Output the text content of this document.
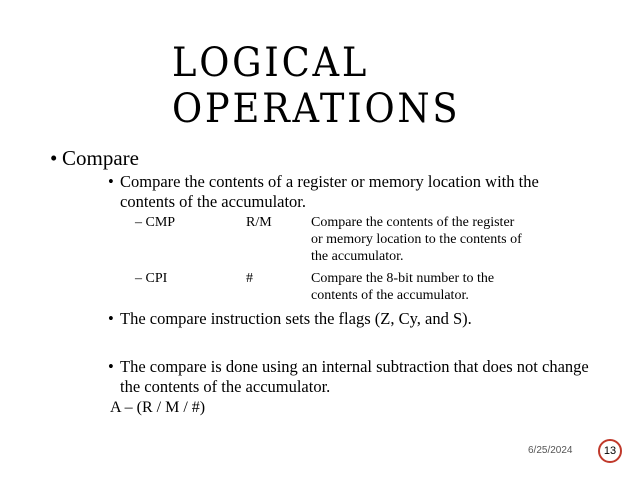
LOGICAL
OPERATIONS
• Compare
• Compare the contents of a register or memory location with the contents of the accumulator.
– CMP	R/M	Compare the contents of the register
or memory location to the contents of
the accumulator.
– CPI	#	Compare the 8-bit number to the
contents of the accumulator.
• The compare instruction sets the flags (Z, Cy, and S).
• The compare is done using an internal subtraction that does not change the contents of the accumulator.
A – (R / M / #)
6/25/2024	13
